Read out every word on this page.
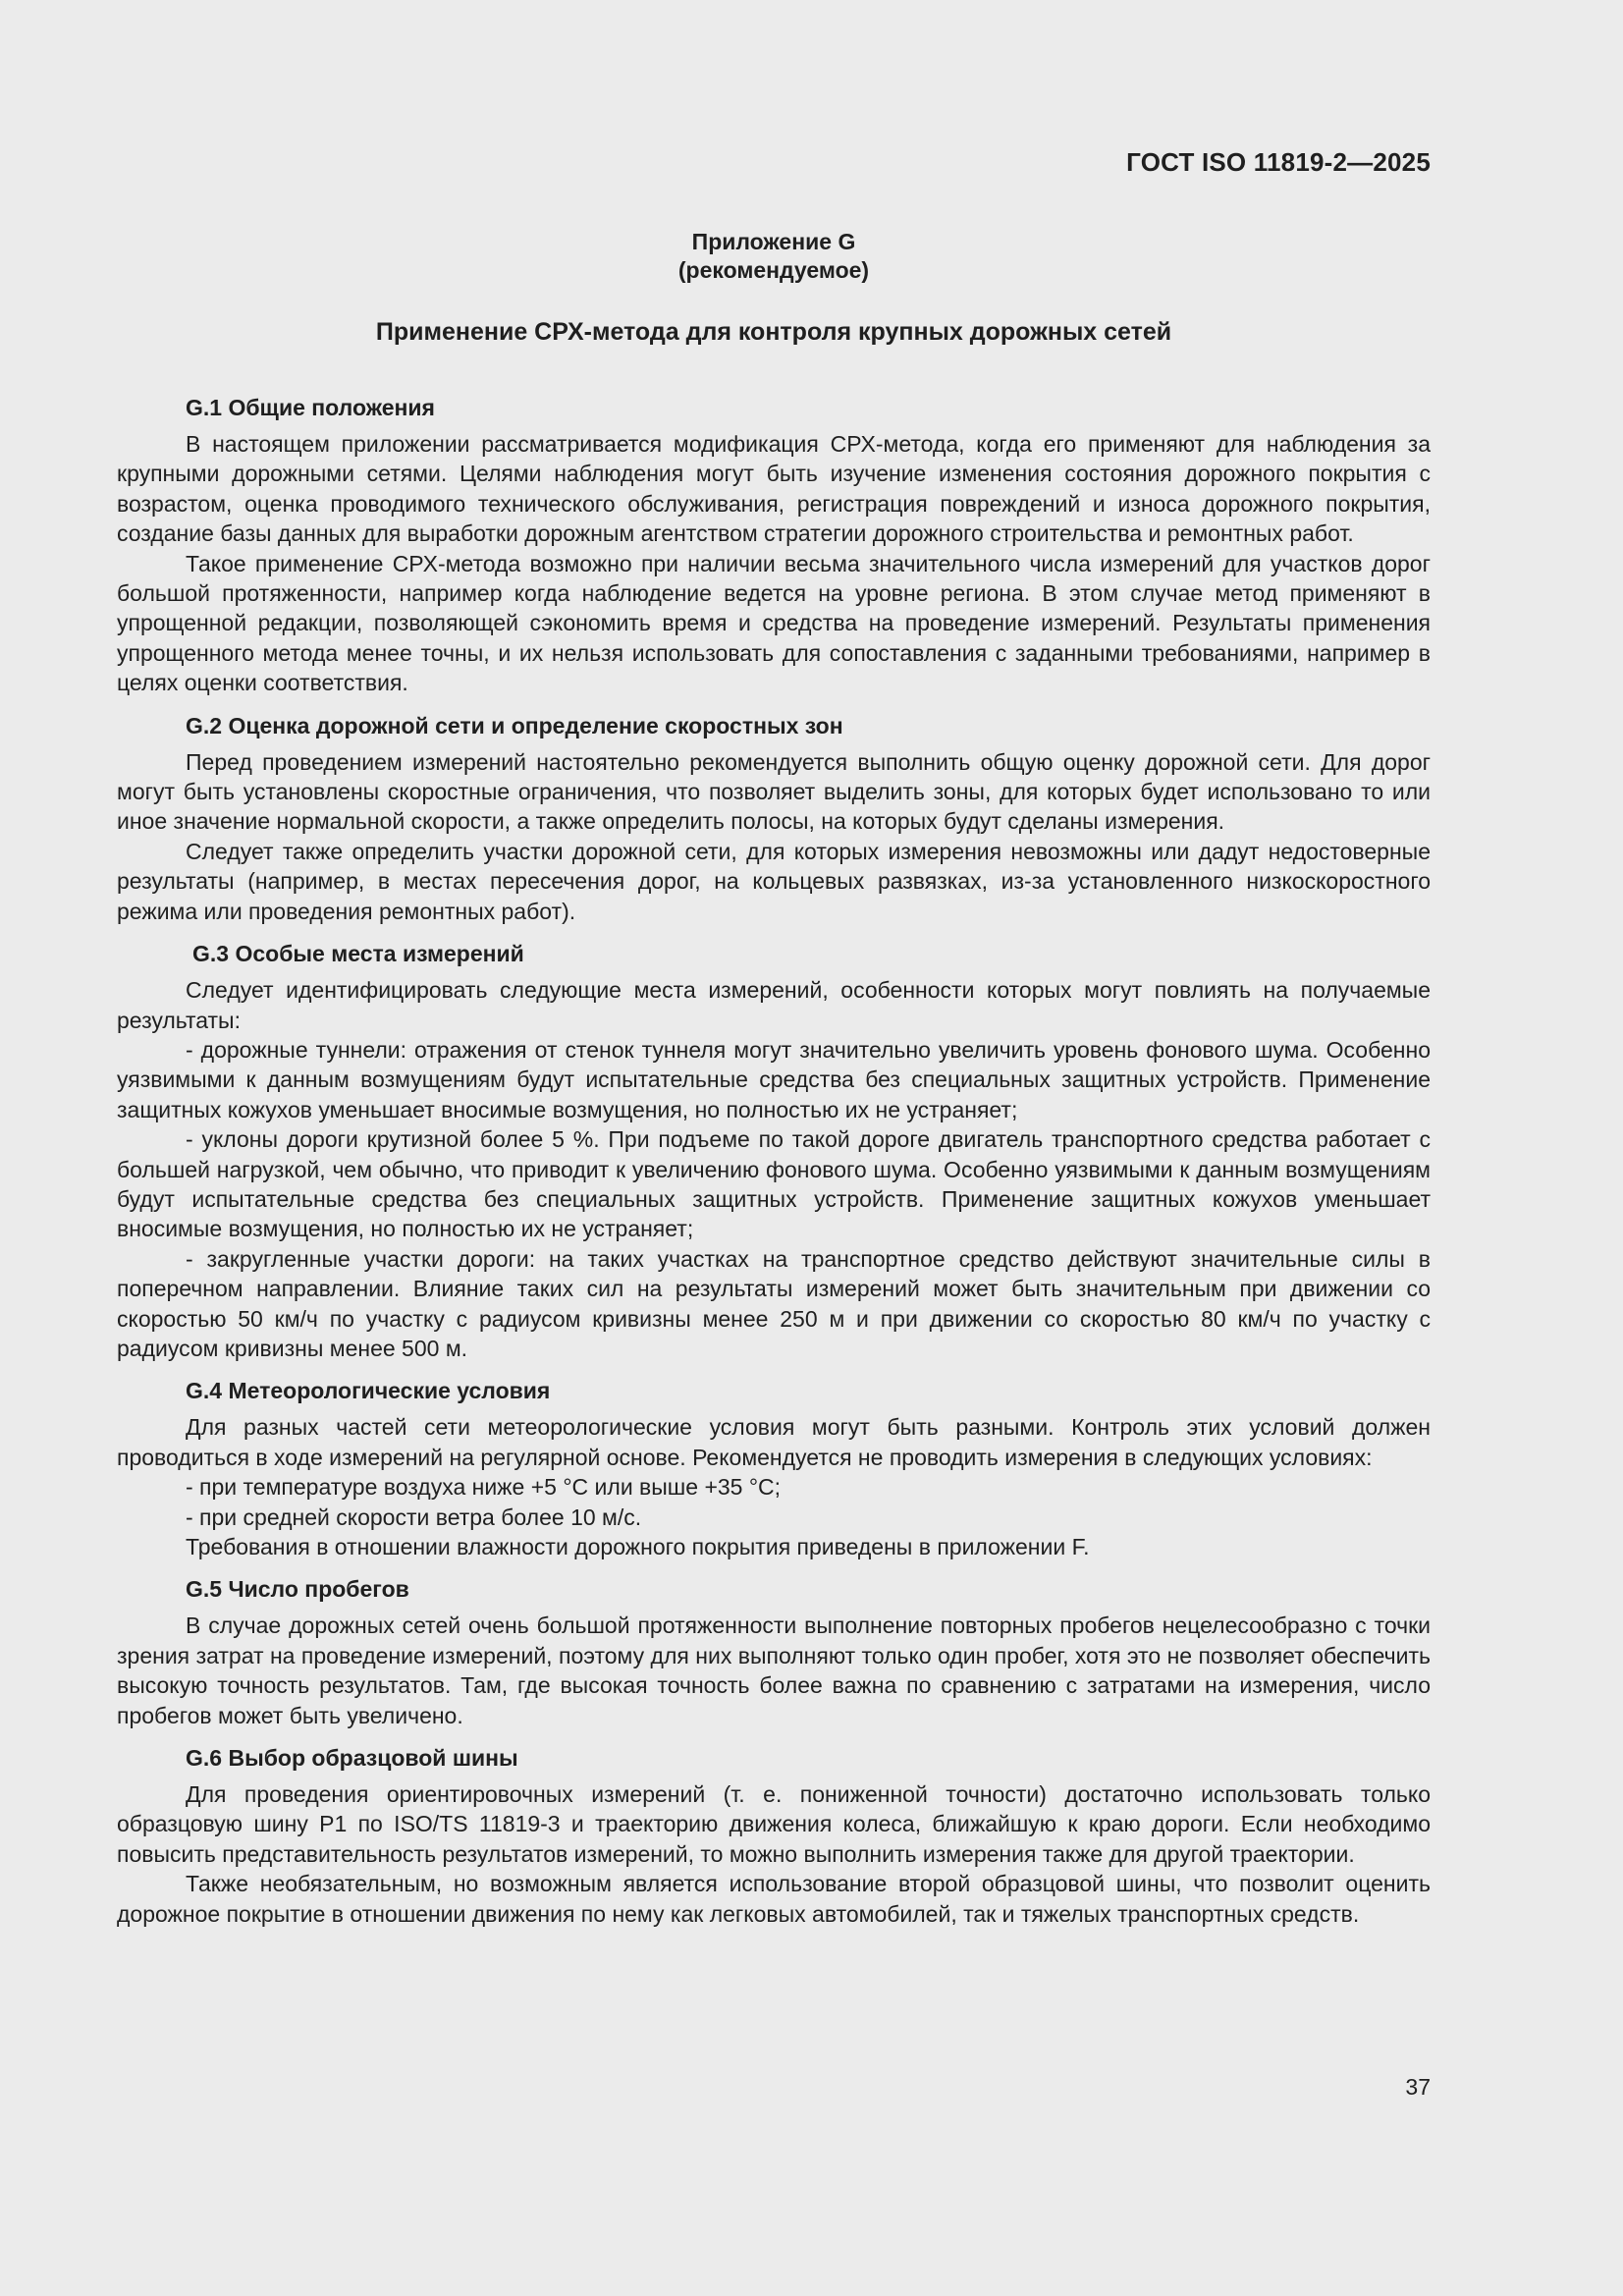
ГОСТ ISO 11819-2—2025
Приложение G
(рекомендуемое)
Применение СРХ-метода для контроля крупных дорожных сетей
G.1 Общие положения

В настоящем приложении рассматривается модификация СРХ-метода, когда его применяют для наблюдения за крупными дорожными сетями. Целями наблюдения могут быть изучение изменения состояния дорожного покрытия с возрастом, оценка проводимого технического обслуживания, регистрация повреждений и износа дорожного покрытия, создание базы данных для выработки дорожным агентством стратегии дорожного строительства и ремонтных работ.

Такое применение СРХ-метода возможно при наличии весьма значительного числа измерений для участков дорог большой протяженности, например когда наблюдение ведется на уровне региона. В этом случае метод применяют в упрощенной редакции, позволяющей сэкономить время и средства на проведение измерений. Результаты применения упрощенного метода менее точны, и их нельзя использовать для сопоставления с заданными требованиями, например в целях оценки соответствия.

G.2 Оценка дорожной сети и определение скоростных зон

Перед проведением измерений настоятельно рекомендуется выполнить общую оценку дорожной сети. Для дорог могут быть установлены скоростные ограничения, что позволяет выделить зоны, для которых будет использовано то или иное значение нормальной скорости, а также определить полосы, на которых будут сделаны измерения.

Следует также определить участки дорожной сети, для которых измерения невозможны или дадут недостоверные результаты (например, в местах пересечения дорог, на кольцевых развязках, из-за установленного низкоскоростного режима или проведения ремонтных работ).

G.3 Особые места измерений

Следует идентифицировать следующие места измерений, особенности которых могут повлиять на получаемые результаты:

- дорожные туннели: отражения от стенок туннеля могут значительно увеличить уровень фонового шума. Особенно уязвимыми к данным возмущениям будут испытательные средства без специальных защитных устройств. Применение защитных кожухов уменьшает вносимые возмущения, но полностью их не устраняет;

- уклоны дороги крутизной более 5 %. При подъеме по такой дороге двигатель транспортного средства работает с большей нагрузкой, чем обычно, что приводит к увеличению фонового шума. Особенно уязвимыми к данным возмущениям будут испытательные средства без специальных защитных устройств. Применение защитных кожухов уменьшает вносимые возмущения, но полностью их не устраняет;

- закругленные участки дороги: на таких участках на транспортное средство действуют значительные силы в поперечном направлении. Влияние таких сил на результаты измерений может быть значительным при движении со скоростью 50 км/ч по участку с радиусом кривизны менее 250 м и при движении со скоростью 80 км/ч по участку с радиусом кривизны менее 500 м.

G.4 Метеорологические условия

Для разных частей сети метеорологические условия могут быть разными. Контроль этих условий должен проводиться в ходе измерений на регулярной основе. Рекомендуется не проводить измерения в следующих условиях:

- при температуре воздуха ниже +5 °С или выше +35 °С;

- при средней скорости ветра более 10 м/с.

Требования в отношении влажности дорожного покрытия приведены в приложении F.

G.5 Число пробегов

В случае дорожных сетей очень большой протяженности выполнение повторных пробегов нецелесообразно с точки зрения затрат на проведение измерений, поэтому для них выполняют только один пробег, хотя это не позволяет обеспечить высокую точность результатов. Там, где высокая точность более важна по сравнению с затратами на измерения, число пробегов может быть увеличено.

G.6 Выбор образцовой шины

Для проведения ориентировочных измерений (т. е. пониженной точности) достаточно использовать только образцовую шину Р1 по ISO/TS 11819-3 и траекторию движения колеса, ближайшую к краю дороги. Если необходимо повысить представительность результатов измерений, то можно выполнить измерения также для другой траектории.

Также необязательным, но возможным является использование второй образцовой шины, что позволит оценить дорожное покрытие в отношении движения по нему как легковых автомобилей, так и тяжелых транспортных средств.

37
